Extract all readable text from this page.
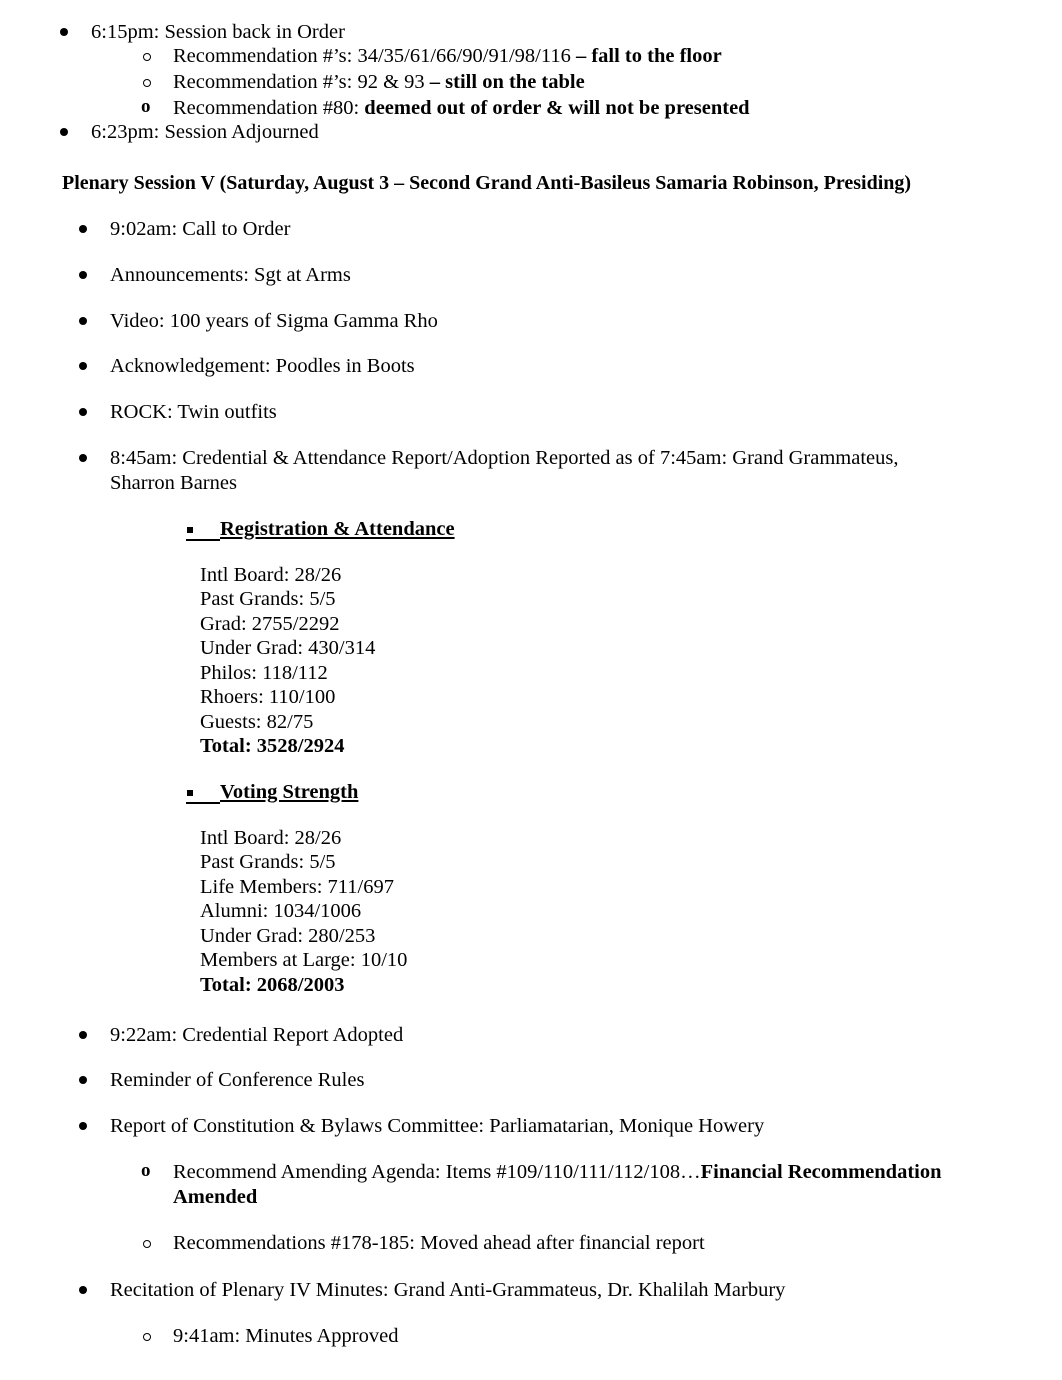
6:15pm: Session back in Order
Recommendation #’s: 34/35/61/66/90/91/98/116 – fall to the floor
Recommendation #’s: 92 & 93 – still on the table
o Recommendation #80: deemed out of order & will not be presented
6:23pm: Session Adjourned
Plenary Session V (Saturday, August 3 – Second Grand Anti-Basileus Samaria Robinson, Presiding)
9:02am: Call to Order
Announcements: Sgt at Arms
Video: 100 years of Sigma Gamma Rho
Acknowledgement: Poodles in Boots
ROCK: Twin outfits
8:45am: Credential & Attendance Report/Adoption Reported as of 7:45am: Grand Grammateus,
Sharron Barnes
Registration & Attendance
Intl Board: 28/26
Past Grands: 5/5
Grad: 2755/2292
Under Grad: 430/314
Philos: 118/112
Rhoers: 110/100
Guests: 82/75
Total: 3528/2924
Voting Strength
Intl Board: 28/26
Past Grands: 5/5
Life Members: 711/697
Alumni: 1034/1006
Under Grad: 280/253
Members at Large: 10/10
Total: 2068/2003
9:22am: Credential Report Adopted
Reminder of Conference Rules
Report of Constitution & Bylaws Committee: Parliamatarian, Monique Howery
o Recommend Amending Agenda: Items #109/110/111/112/108…Financial Recommendation
Amended
Recommendations #178-185: Moved ahead after financial report
Recitation of Plenary IV Minutes: Grand Anti-Grammateus, Dr. Khalilah Marbury
9:41am: Minutes Approved
